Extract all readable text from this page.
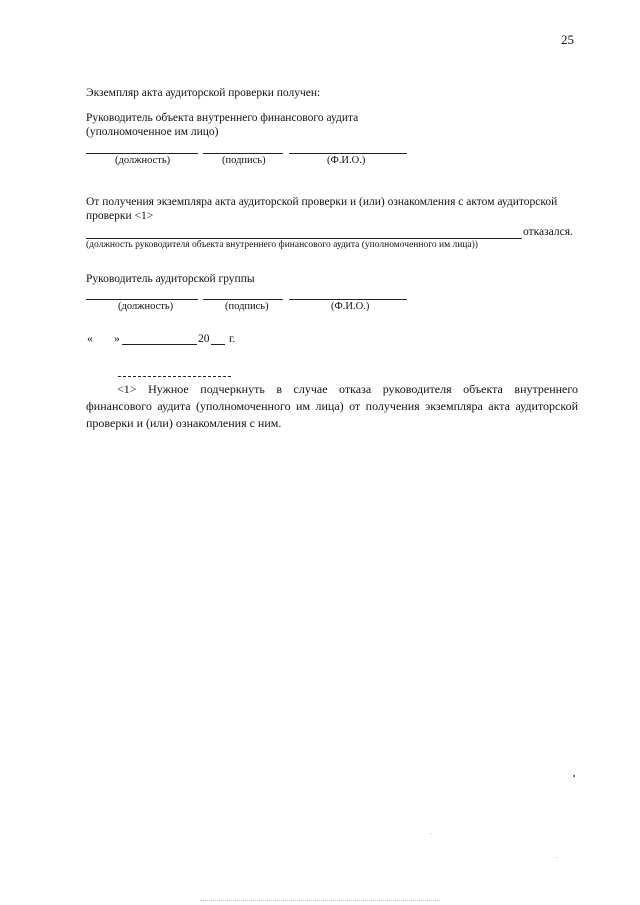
25
Экземпляр акта аудиторской проверки получен:
Руководитель объекта внутреннего финансового аудита
(уполномоченное им лицо)
(должность)	(подпись)	(Ф.И.О.)
От получения экземпляра акта аудиторской проверки и (или) ознакомления с актом аудиторской
проверки <1>
отказался.
(должность руководителя объекта внутреннего финансового аудита (уполномоченного им лица))
Руководитель аудиторской группы
(должность)	(подпись)	(Ф.И.О.)
« »	20 г.
<1> Нужное подчеркнуть в случае отказа руководителя объекта внутреннего финансового аудита (уполномоченного им лица) от получения экземпляра акта аудиторской проверки и (или) ознакомления с ним.
